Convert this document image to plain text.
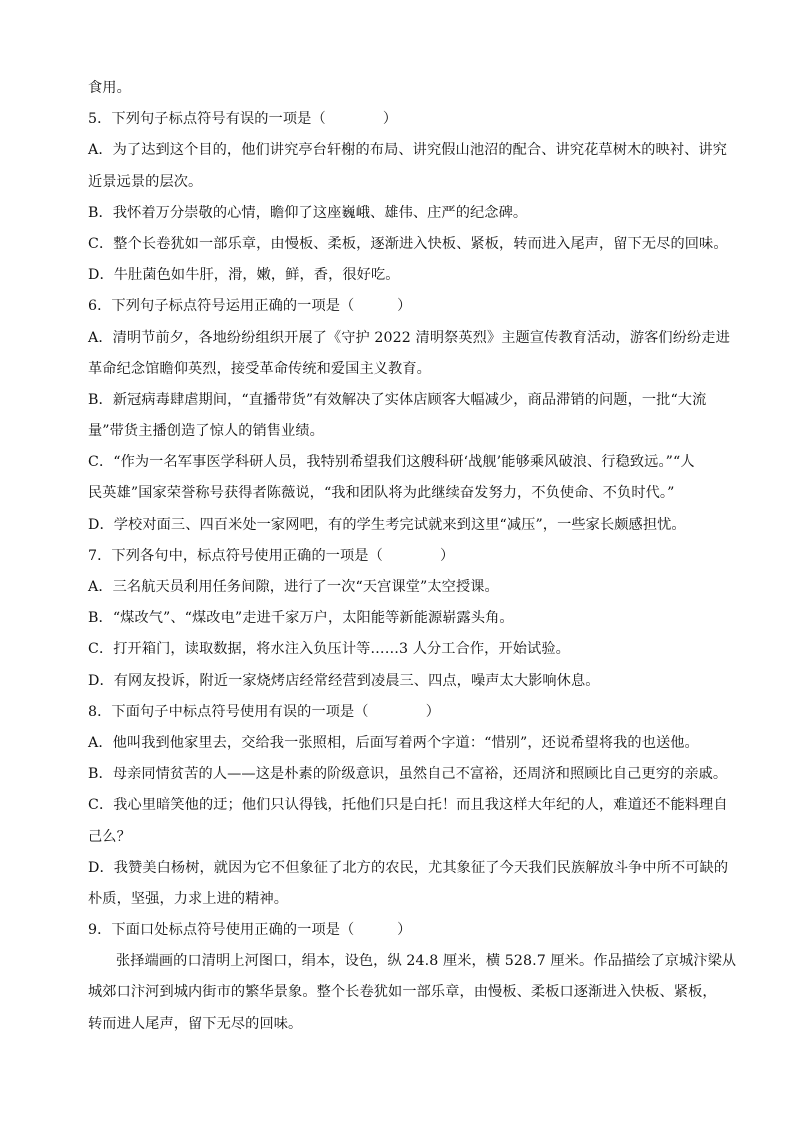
食用。
5．下列句子标点符号有误的一项是（　　　　）
A．为了达到这个目的，他们讲究亭台轩榭的布局、讲究假山池沼的配合、讲究花草树木的映衬、讲究
近景远景的层次。
B．我怀着万分崇敬的心情，瞻仰了这座巍峨、雄伟、庄严的纪念碑。
C．整个长卷犹如一部乐章，由慢板、柔板，逐渐进入快板、紧板，转而进入尾声，留下无尽的回味。
D．牛肚菌色如牛肝，滑，嫩，鲜，香，很好吃。
6．下列句子标点符号运用正确的一项是（　　　）
A．清明节前夕，各地纷纷组织开展了《守护 2022 清明祭英烈》主题宣传教育活动，游客们纷纷走进
革命纪念馆瞻仰英烈，接受革命传统和爱国主义教育。
B．新冠病毒肆虐期间，“直播带货”有效解决了实体店顾客大幅减少，商品滞销的问题，一批“大流
量”带货主播创造了惊人的销售业绩。
C．“作为一名军事医学科研人员，我特别希望我们这艘科研‘战舰’能够乘风破浪、行稳致远。”“人
民英雄”国家荣誉称号获得者陈薇说，“我和团队将为此继续奋发努力，不负使命、不负时代。”
D．学校对面三、四百米处一家网吧，有的学生考完试就来到这里“减压”，一些家长颇感担忧。
7．下列各句中，标点符号使用正确的一项是（　　　　）
A．三名航天员利用任务间隙，进行了一次“天宫课堂”太空授课。
B．“煤改气”、“煤改电”走进千家万户，太阳能等新能源崭露头角。
C．打开箱门，读取数据，将水注入负压计等……3 人分工合作，开始试验。
D．有网友投诉，附近一家烧烤店经常经营到凌晨三、四点，噪声太大影响休息。
8．下面句子中标点符号使用有误的一项是（　　　　）
A．他叫我到他家里去，交给我一张照相，后面写着两个字道：“惜别”，还说希望将我的也送他。
B．母亲同情贫苦的人——这是朴素的阶级意识，虽然自己不富裕，还周济和照顾比自己更穷的亲戚。
C．我心里暗笑他的迂；他们只认得钱，托他们只是白托！而且我这样大年纪的人，难道还不能料理自
己么？
D．我赞美白杨树，就因为它不但象征了北方的农民，尤其象征了今天我们民族解放斗争中所不可缺的
朴质，坚强，力求上进的精神。
9．下面口处标点符号使用正确的一项是（　　　）
张择端画的口清明上河图口，绢本，设色，纵 24.8 厘米，横 528.7 厘米。作品描绘了京城汴梁从
城郊口汴河到城内街市的繁华景象。整个长卷犹如一部乐章，由慢板、柔板口逐渐进入快板、紧板，
转而进人尾声，留下无尽的回味。
